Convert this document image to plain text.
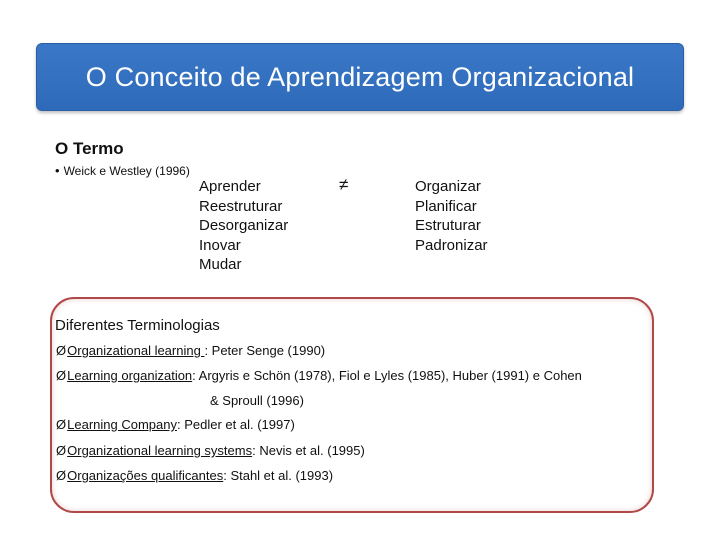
O Conceito de Aprendizagem Organizacional
O Termo
• Weick e Westley (1996)
Aprender
Reestruturar
Desorganizar
Inovar
Mudar
≠	Organizar
Planificar
Estruturar
Padronizar
Diferentes Terminologias
ØOrganizational learning : Peter Senge (1990)
ØLearning organization: Argyris e Schön (1978), Fiol e Lyles (1985), Huber (1991) e Cohen
& Sproull (1996)
ØLearning Company: Pedler et al. (1997)
ØOrganizational learning systems: Nevis et al. (1995)
ØOrganizações qualificantes: Stahl et al. (1993)
